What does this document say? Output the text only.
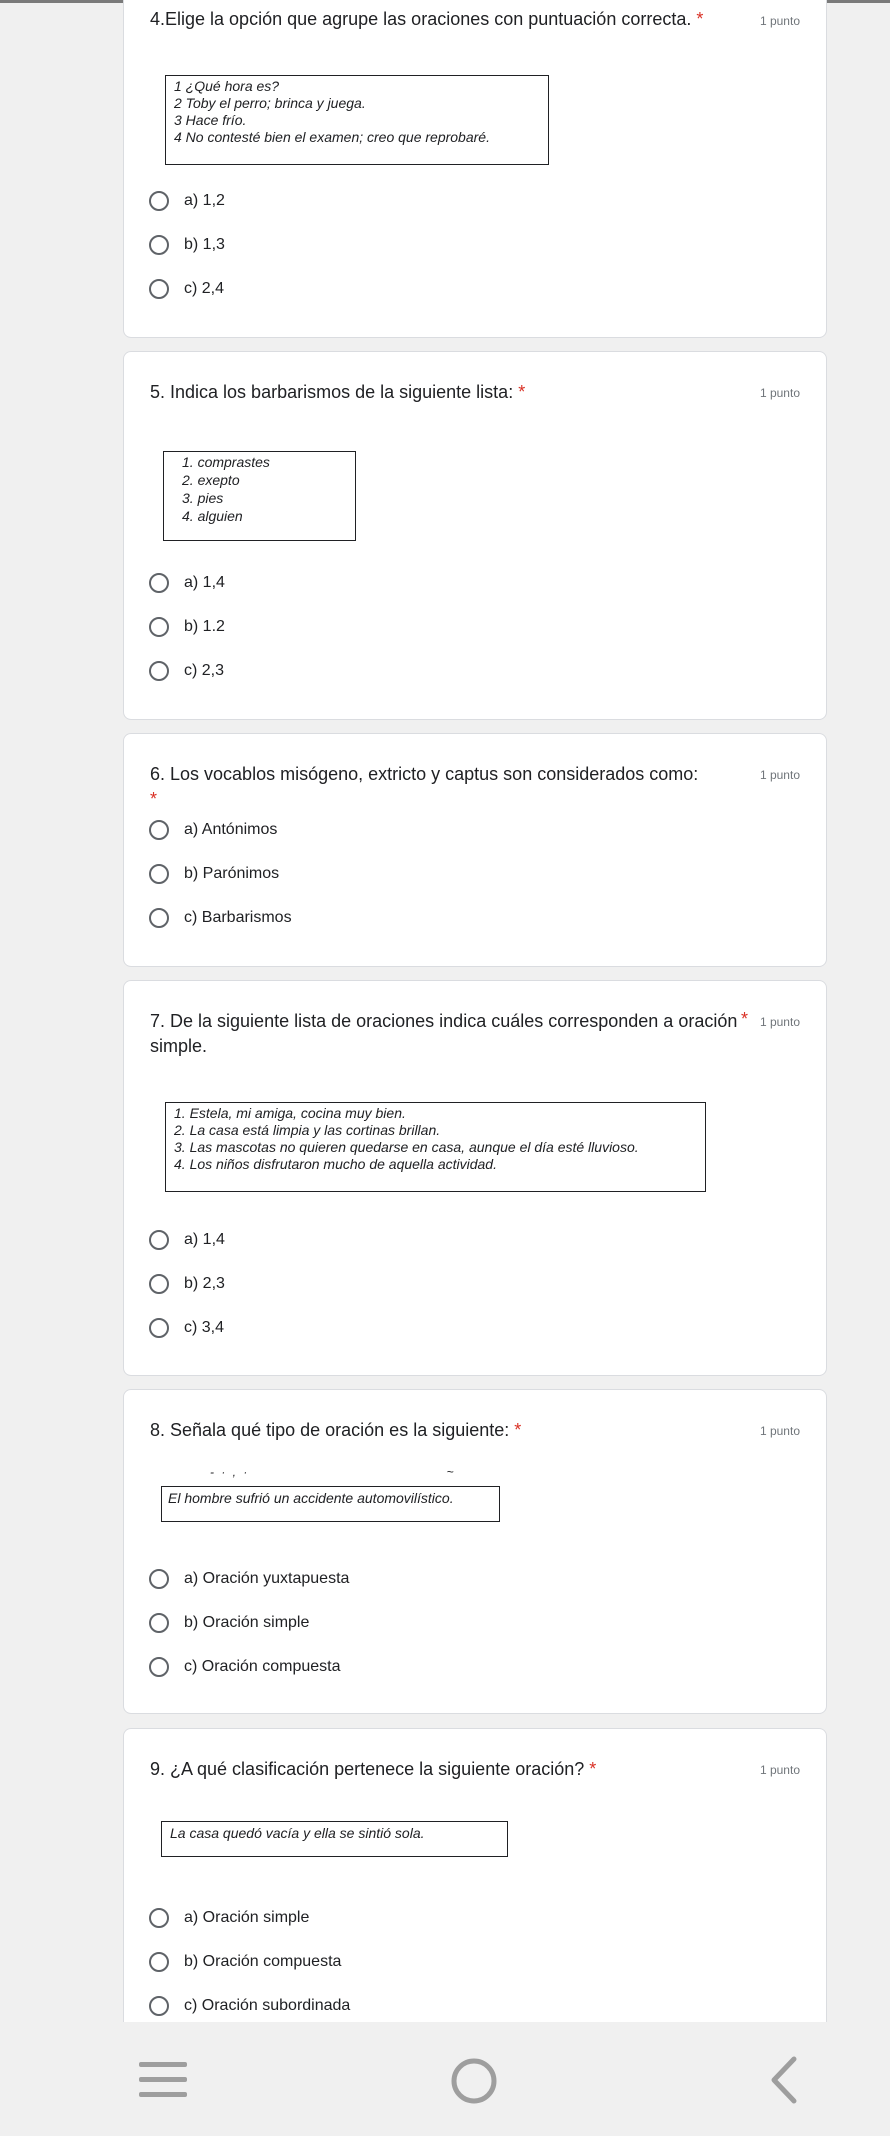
4.Elige la opción que agrupe las oraciones con puntuación correcta. *	1 punto
1 ¿Qué hora es?
2 Toby el perro; brinca y juega.
3 Hace frío.
4 No contesté bien el examen; creo que reprobaré.
a) 1,2
b) 1,3
c) 2,4
5. Indica los barbarismos de la siguiente lista: *	1 punto
1. comprastes
2. exepto
3. pies
4. alguien
a) 1,4
b) 1.2
c) 2,3
6. Los vocablos misógeno, extricto y captus son considerados como: *
1 punto
a) Antónimos
b) Parónimos
c) Barbarismos
7. De la siguiente lista de oraciones indica cuáles corresponden a oración simple.
* 1 punto
1. Estela, mi amiga, cocina muy bien.
2. La casa está limpia y las cortinas brillan.
3. Las mascotas no quieren quedarse en casa, aunque el día esté lluvioso.
4. Los niños disfrutaron mucho de aquella actividad.
a) 1,4
b) 2,3
c) 3,4
8. Señala qué tipo de oración es la siguiente: *	1 punto
- · , ·                                     ~
El hombre sufrió un accidente automovilístico.
a) Oración yuxtapuesta
b) Oración simple
c) Oración compuesta
9. ¿A qué clasificación pertenece la siguiente oración? *	1 punto
La casa quedó vacía y ella se sintió sola.
a) Oración simple
b) Oración compuesta
c) Oración subordinada
